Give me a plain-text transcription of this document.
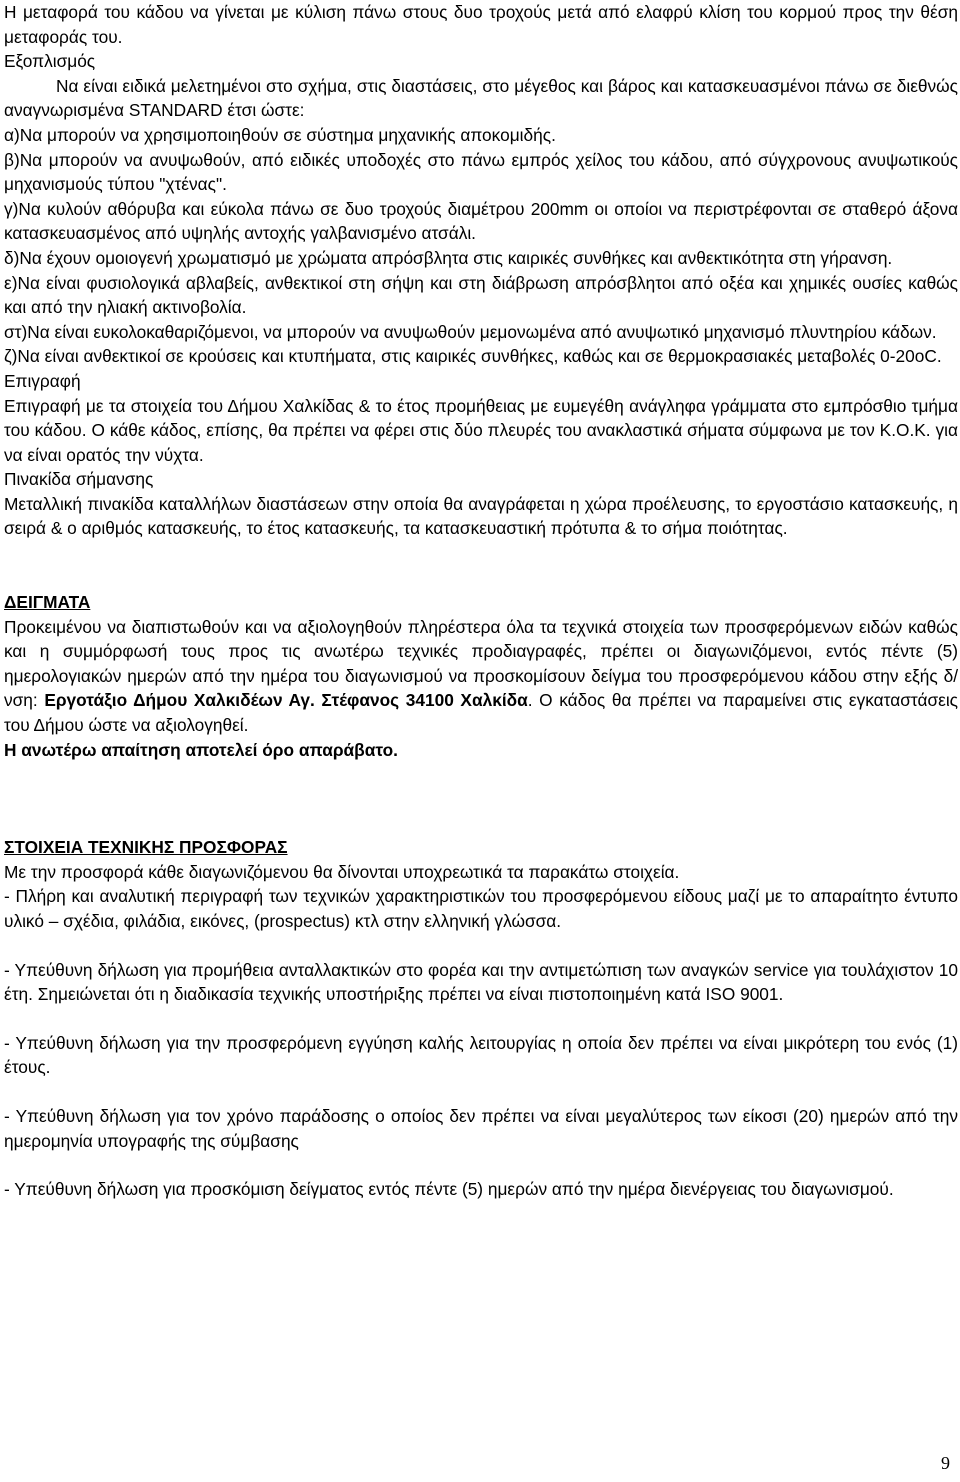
Η μεταφορά του κάδου να γίνεται με κύλιση πάνω στους δυο τροχούς μετά από ελαφρύ κλίση του κορμού προς την θέση μεταφοράς του.

Εξοπλισμός

Να είναι ειδικά μελετημένοι στο σχήμα, στις διαστάσεις, στο μέγεθος και βάρος και κατασκευασμένοι πάνω σε διεθνώς αναγνωρισμένα STANDARD έτσι ώστε:

α)Να μπορούν να χρησιμοποιηθούν σε σύστημα μηχανικής αποκομιδής.

β)Να μπορούν να ανυψωθούν, από ειδικές υποδοχές στο πάνω εμπρός χείλος του κάδου, από σύγχρονους ανυψωτικούς μηχανισμούς τύπου "χτένας".

γ)Να κυλούν αθόρυβα και εύκολα πάνω σε δυο τροχούς διαμέτρου 200mm οι οποίοι να περιστρέφονται σε σταθερό άξονα κατασκευασμένος από υψηλής αντοχής γαλβανισμένο ατσάλι.

δ)Να έχουν ομοιογενή χρωματισμό με χρώματα απρόσβλητα στις καιρικές συνθήκες και ανθεκτικότητα στη γήρανση.

ε)Να είναι φυσιολογικά αβλαβείς, ανθεκτικοί στη σήψη και στη διάβρωση απρόσβλητοι από οξέα και χημικές ουσίες καθώς και από την ηλιακή ακτινοβολία.

στ)Να είναι ευκολοκαθαριζόμενοι, να μπορούν να ανυψωθούν μεμονωμένα από ανυψωτικό μηχανισμό πλυντηρίου κάδων.

ζ)Να είναι ανθεκτικοί σε κρούσεις και κτυπήματα, στις καιρικές συνθήκες, καθώς και σε θερμοκρασιακές μεταβολές 0-20οC.

Επιγραφή

Επιγραφή με τα στοιχεία του Δήμου Χαλκίδας & το έτος προμήθειας με ευμεγέθη ανάγληφα γράμματα στο εμπρόσθιο τμήμα του κάδου. Ο κάθε κάδος, επίσης, θα πρέπει να φέρει στις δύο πλευρές του ανακλαστικά σήματα σύμφωνα με τον Κ.Ο.Κ. για να είναι ορατός την νύχτα.

Πινακίδα σήμανσης

Μεταλλική πινακίδα καταλλήλων διαστάσεων στην οποία θα αναγράφεται η χώρα προέλευσης, το εργοστάσιο κατασκευής, η σειρά & ο αριθμός κατασκευής, το έτος κατασκευής, τα κατασκευαστική πρότυπα & το σήμα ποιότητας.

ΔΕΙΓΜΑΤΑ

Προκειμένου να διαπιστωθούν και να αξιολογηθούν πληρέστερα όλα τα τεχνικά στοιχεία των προσφερόμενων ειδών καθώς και η συμμόρφωσή τους προς τις ανωτέρω τεχνικές προδιαγραφές, πρέπει οι διαγωνιζόμενοι, εντός πέντε (5) ημερολογιακών ημερών από την ημέρα του διαγωνισμού να προσκομίσουν δείγμα του προσφερόμενου κάδου στην εξής δ/νση: Εργοτάξιο Δήμου Χαλκιδέων Αγ. Στέφανος 34100 Χαλκίδα. Ο κάδος θα πρέπει να παραμείνει στις εγκαταστάσεις του Δήμου ώστε να αξιολογηθεί.

Η ανωτέρω απαίτηση αποτελεί όρο απαράβατο.

ΣΤΟΙΧΕΙΑ ΤΕΧΝΙΚΗΣ ΠΡΟΣΦΟΡΑΣ

Με την προσφορά κάθε διαγωνιζόμενου θα δίνονται υποχρεωτικά τα παρακάτω στοιχεία.

- Πλήρη και αναλυτική περιγραφή των τεχνικών χαρακτηριστικών του προσφερόμενου είδους μαζί με το απαραίτητο έντυπο υλικό – σχέδια, φιλάδια, εικόνες, (prospectus) κτλ στην ελληνική γλώσσα.

- Υπεύθυνη δήλωση για προμήθεια ανταλλακτικών στο φορέα και την αντιμετώπιση των αναγκών service για τουλάχιστον 10 έτη. Σημειώνεται ότι η διαδικασία τεχνικής υποστήριξης πρέπει να είναι πιστοποιημένη κατά ISO 9001.

- Υπεύθυνη δήλωση για την προσφερόμενη εγγύηση καλής λειτουργίας η οποία δεν πρέπει να είναι μικρότερη του ενός (1) έτους.

- Υπεύθυνη δήλωση για τον χρόνο παράδοσης ο οποίος δεν πρέπει να είναι μεγαλύτερος των είκοσι (20) ημερών από την ημερομηνία υπογραφής της σύμβασης

- Υπεύθυνη δήλωση για προσκόμιση δείγματος εντός πέντε (5) ημερών από την ημέρα διενέργειας του διαγωνισμού.

9
